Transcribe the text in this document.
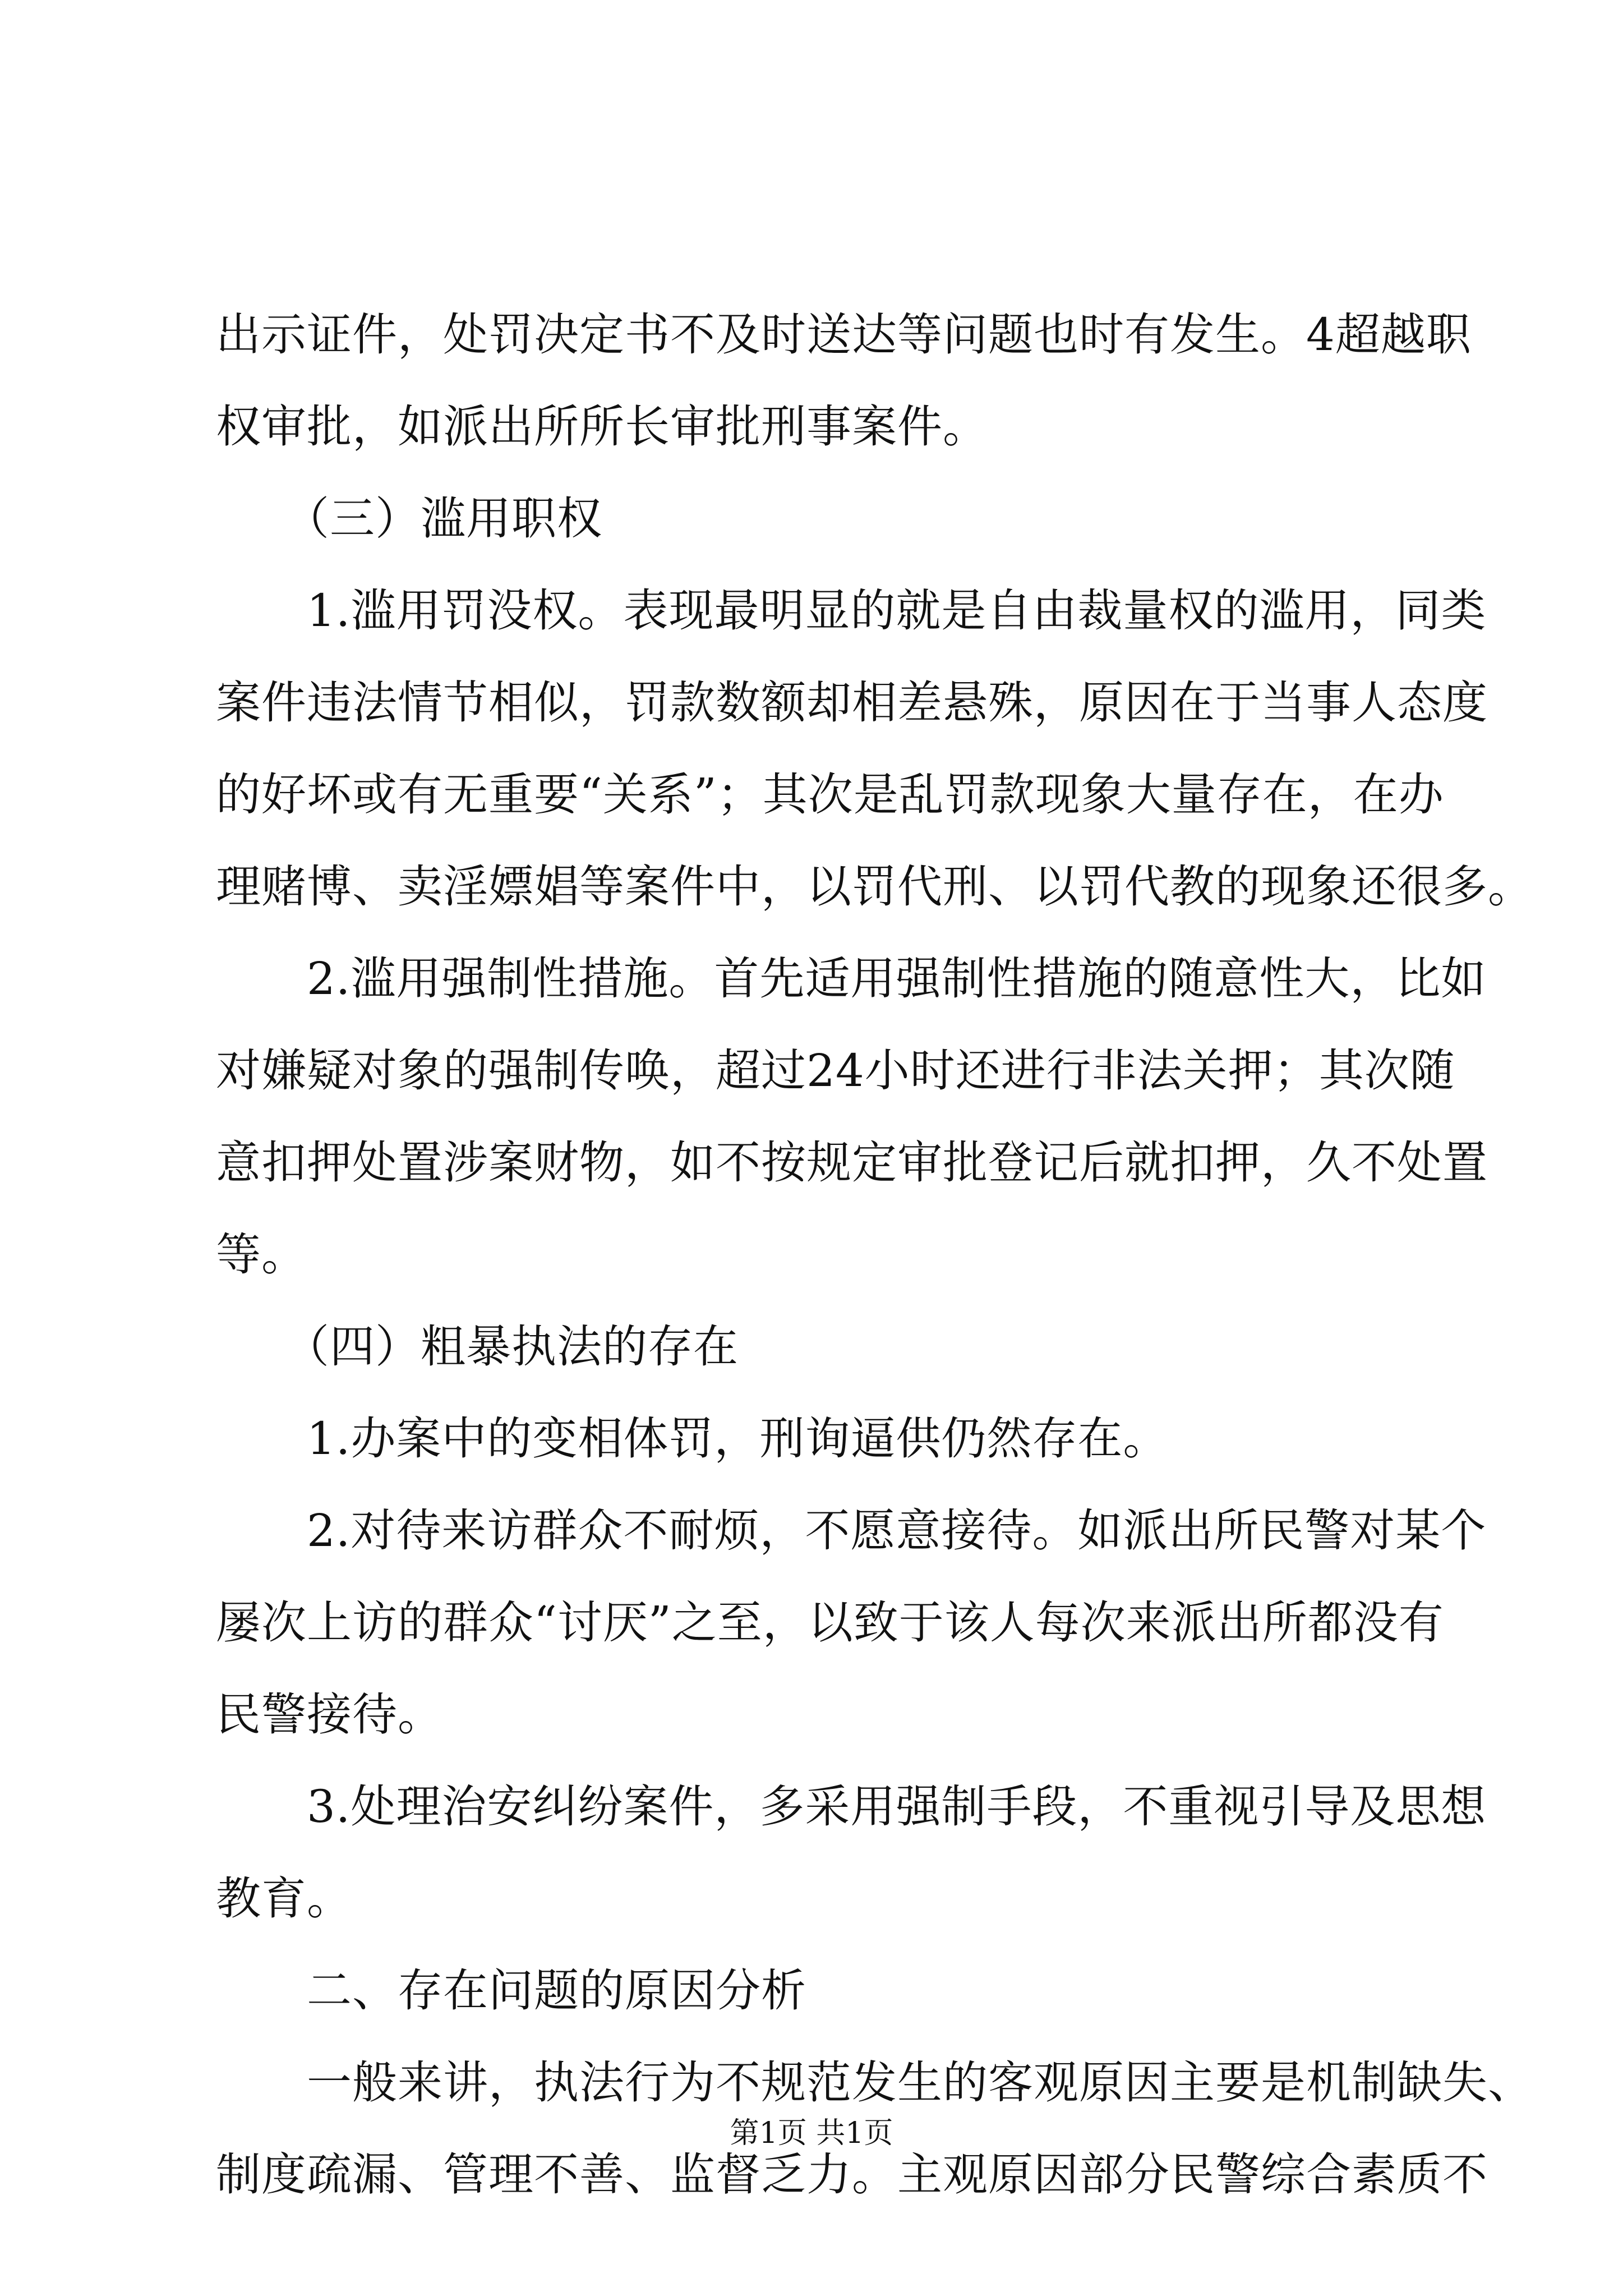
出示证件，处罚决定书不及时送达等问题也时有发生。4超越职
权审批，如派出所所长审批刑事案件。
　　（三）滥用职权
　　1.滥用罚没权。表现最明显的就是自由裁量权的滥用，同类
案件违法情节相似，罚款数额却相差悬殊，原因在于当事人态度
的好坏或有无重要“关系”；其次是乱罚款现象大量存在，在办
理赌博、卖淫嫖娼等案件中，以罚代刑、以罚代教的现象还很多。
　　2.滥用强制性措施。首先适用强制性措施的随意性大，比如
对嫌疑对象的强制传唤，超过24小时还进行非法关押；其次随
意扣押处置涉案财物，如不按规定审批登记后就扣押，久不处置
等。
　　（四）粗暴执法的存在
　　1.办案中的变相体罚，刑询逼供仍然存在。
　　2.对待来访群众不耐烦，不愿意接待。如派出所民警对某个
屡次上访的群众“讨厌”之至，以致于该人每次来派出所都没有
民警接待。
　　3.处理治安纠纷案件，多采用强制手段，不重视引导及思想
教育。
　　二、存在问题的原因分析
　　一般来讲，执法行为不规范发生的客观原因主要是机制缺失、
制度疏漏、管理不善、监督乏力。主观原因部分民警综合素质不
第1页 共1页
